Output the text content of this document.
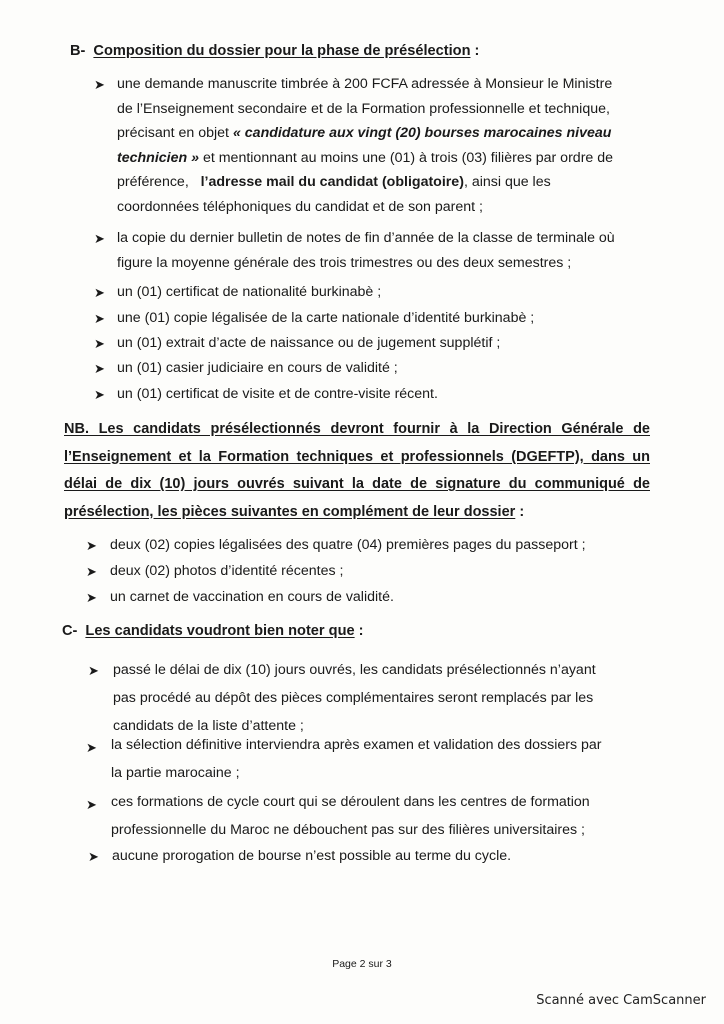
B- Composition du dossier pour la phase de présélection :
➤ une demande manuscrite timbrée à 200 FCFA adressée à Monsieur le Ministre
de l’Enseignement secondaire et de la Formation professionnelle et technique,
précisant en objet « candidature aux vingt (20) bourses marocaines niveau
technicien » et mentionnant au moins une (01) à trois (03) filières par ordre de
préférence, l’adresse mail du candidat (obligatoire), ainsi que les
coordonnées téléphoniques du candidat et de son parent ;
➤ la copie du dernier bulletin de notes de fin d’année de la classe de terminale où
figure la moyenne générale des trois trimestres ou des deux semestres ;
➤ un (01) certificat de nationalité burkinabè ;
➤ une (01) copie légalisée de la carte nationale d’identité burkinabè ;
➤ un (01) extrait d’acte de naissance ou de jugement supplétif ;
➤ un (01) casier judiciaire en cours de validité ;
➤ un (01) certificat de visite et de contre-visite récent.
NB. Les candidats présélectionnés devront fournir à la Direction Générale de
l’Enseignement et la Formation techniques et professionnels (DGEFTP), dans un
délai de dix (10) jours ouvrés suivant la date de signature du communiqué de
présélection, les pièces suivantes en complément de leur dossier :
➤ deux (02) copies légalisées des quatre (04) premières pages du passeport ;
➤ deux (02) photos d’identité récentes ;
➤ un carnet de vaccination en cours de validité.
C- Les candidats voudront bien noter que :
➤ passé le délai de dix (10) jours ouvrés, les candidats présélectionnés n’ayant
pas procédé au dépôt des pièces complémentaires seront remplacés par les
candidats de la liste d’attente ;
➤ la sélection définitive interviendra après examen et validation des dossiers par
la partie marocaine ;
➤ ces formations de cycle court qui se déroulent dans les centres de formation
professionnelle du Maroc ne débouchent pas sur des filières universitaires ;
➤ aucune prorogation de bourse n’est possible au terme du cycle.
Page 2 sur 3
Scanné avec CamScanner
